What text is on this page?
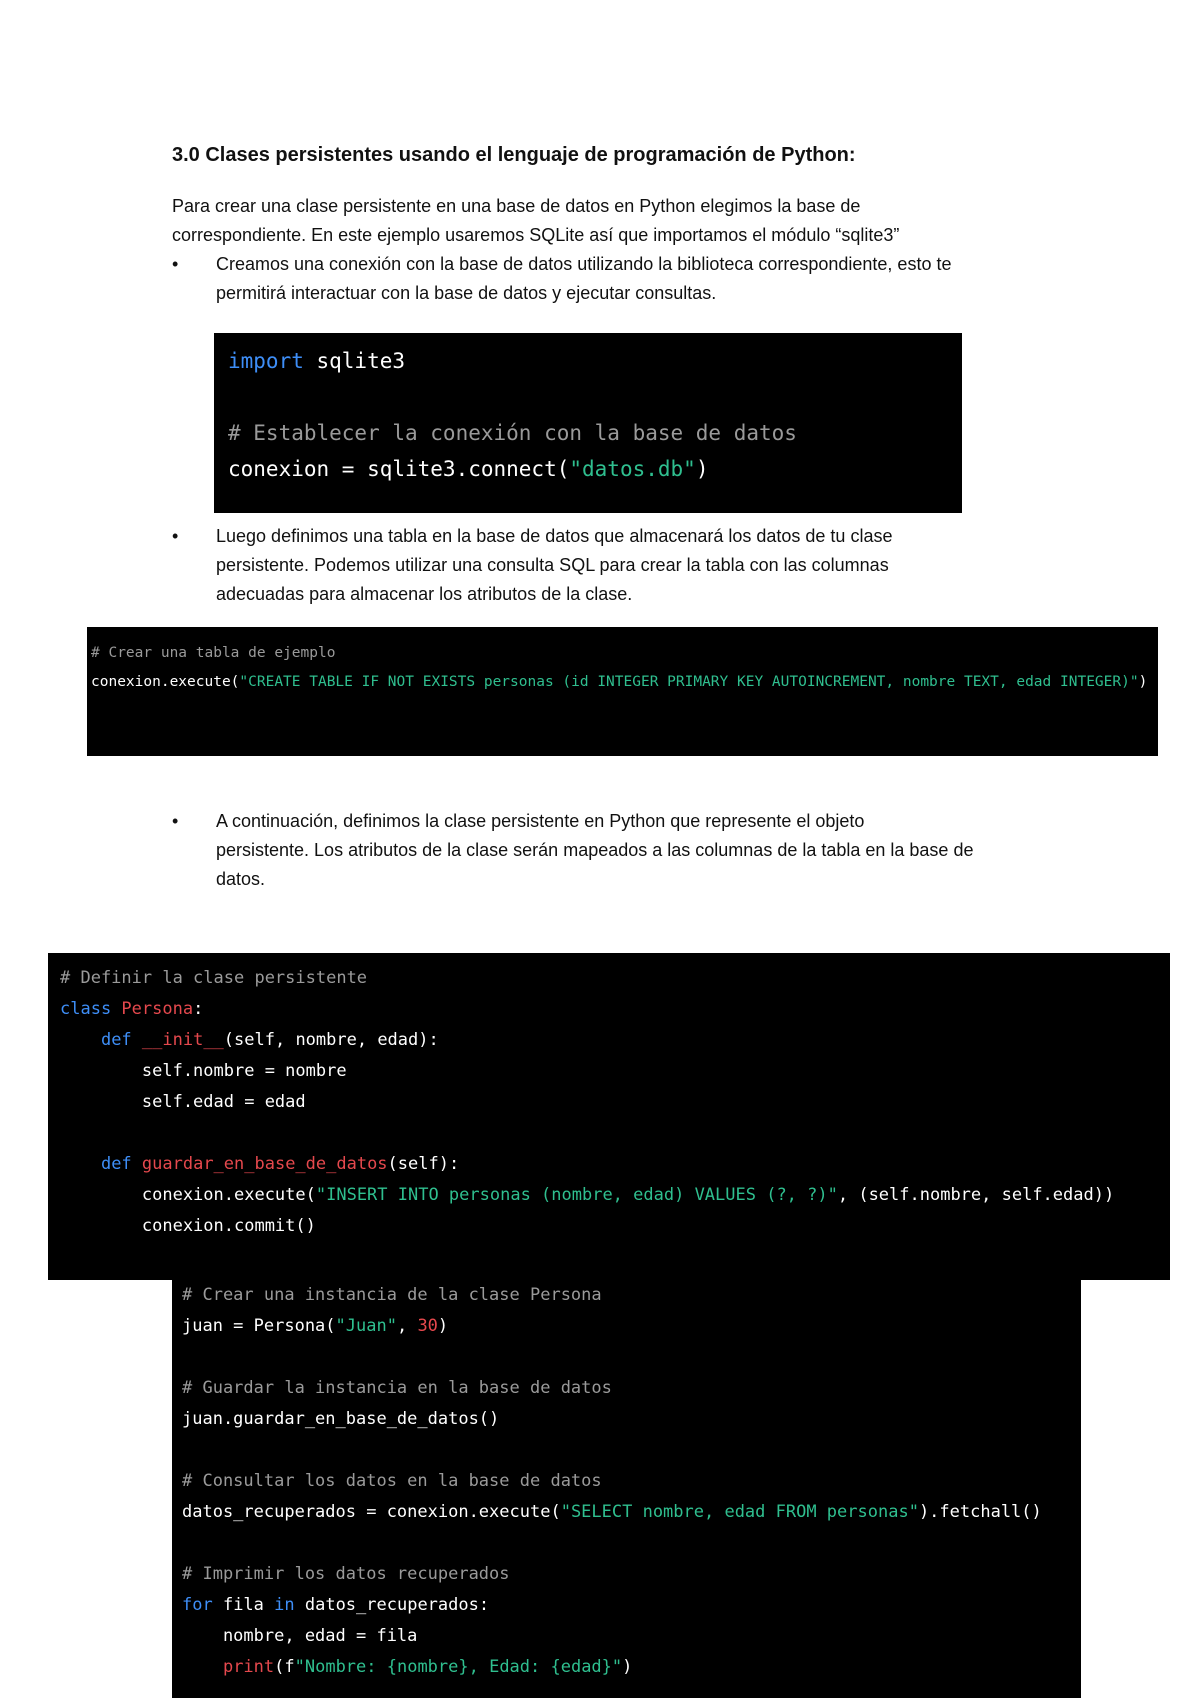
3.0 Clases persistentes usando el lenguaje de programación de Python:

Para crear una clase persistente en una base de datos en Python elegimos la base de
correspondiente. En este ejemplo usaremos SQLite así que importamos el módulo “sqlite3”

•	Creamos una conexión con la base de datos utilizando la biblioteca correspondiente, esto te
permitirá interactuar con la base de datos y ejecutar consultas.
import sqlite3

# Establecer la conexión con la base de datos
conexion = sqlite3.connect("datos.db")
•	Luego definimos una tabla en la base de datos que almacenará los datos de tu clase
persistente. Podemos utilizar una consulta SQL para crear la tabla con las columnas
adecuadas para almacenar los atributos de la clase.
# Crear una tabla de ejemplo
conexion.execute("CREATE TABLE IF NOT EXISTS personas (id INTEGER PRIMARY KEY AUTOINCREMENT, nombre TEXT, edad INTEGER)")
•	A continuación, definimos la clase persistente en Python que represente el objeto
persistente. Los atributos de la clase serán mapeados a las columnas de la tabla en la base de
datos.
# Definir la clase persistente
class Persona:
def __init__(self, nombre, edad):
self.nombre = nombre
self.edad = edad

def guardar_en_base_de_datos(self):
conexion.execute("INSERT INTO personas (nombre, edad) VALUES (?, ?)", (self.nombre, self.edad))
conexion.commit()
# Crear una instancia de la clase Persona
juan = Persona("Juan", 30)

# Guardar la instancia en la base de datos
juan.guardar_en_base_de_datos()

# Consultar los datos en la base de datos
datos_recuperados = conexion.execute("SELECT nombre, edad FROM personas").fetchall()

# Imprimir los datos recuperados
for fila in datos_recuperados:
nombre, edad = fila
print(f"Nombre: {nombre}, Edad: {edad}")
